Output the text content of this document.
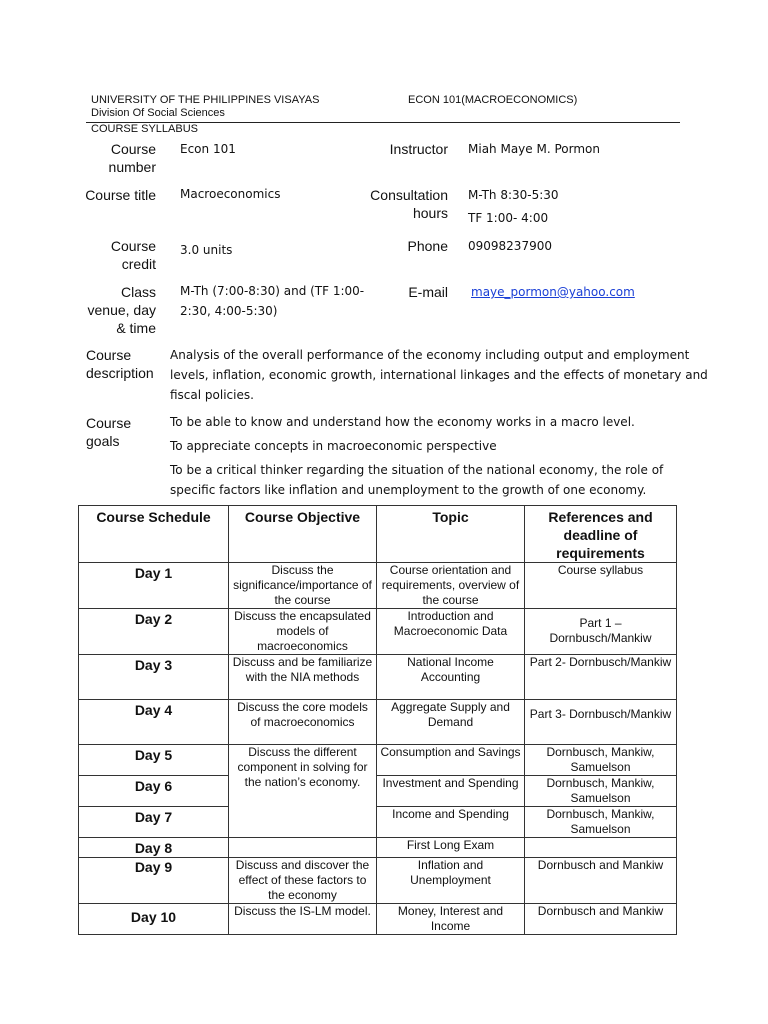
UNIVERSITY OF THE PHILIPPINES VISAYAS	ECON 101(MACROECONOMICS)
Division Of Social Sciences
COURSE SYLLABUS
Course
number
Econ 101	Instructor Miah Maye M. Pormon
Course title Macroeconomics	Consultation
hours
M-Th 8:30-5:30
TF 1:00- 4:00
Course
credit
3.0 units	Phone 09098237900
Class
venue, day
& time
M-Th (7:00-8:30) and (TF 1:00-
2:30, 4:00-5:30)
E-mail maye_pormon@yahoo.com
Course
description

Analysis of the overall performance of the economy including output and employment levels, inflation, economic growth, international linkages and the effects of monetary and fiscal policies.

Course
goals

To be able to know and understand how the economy works in a macro level.

To appreciate concepts in macroeconomic perspective

To be a critical thinker regarding the situation of the national economy, the role of specific factors like inflation and unemployment to the growth of one economy.

Course Schedule	Course Objective	Topic	References and deadline of requirements
Day 1	Discuss the significance/importance of the course	Course orientation and requirements, overview of the course	Course syllabus
Day 2	Discuss the encapsulated models of macroeconomics	Introduction and Macroeconomic Data	Part 1 – Dornbusch/Mankiw
Day 3	Discuss and be familiarize with the NIA methods	National Income Accounting	Part 2- Dornbusch/Mankiw
Day 4	Discuss the core models of macroeconomics	Aggregate Supply and Demand	Part 3- Dornbusch/Mankiw
Day 5	Discuss the different component in solving for the nation’s economy.	Consumption and Savings	Dornbusch, Mankiw, Samuelson
Day 6		Investment and Spending	Dornbusch, Mankiw, Samuelson
Day 7		Income and Spending	Dornbusch, Mankiw, Samuelson
Day 8		First Long Exam	
Day 9	Discuss and discover the effect of these factors to the economy	Inflation and Unemployment	Dornbusch and Mankiw
Day 10	Discuss the IS-LM model.	Money, Interest and Income	Dornbusch and Mankiw
